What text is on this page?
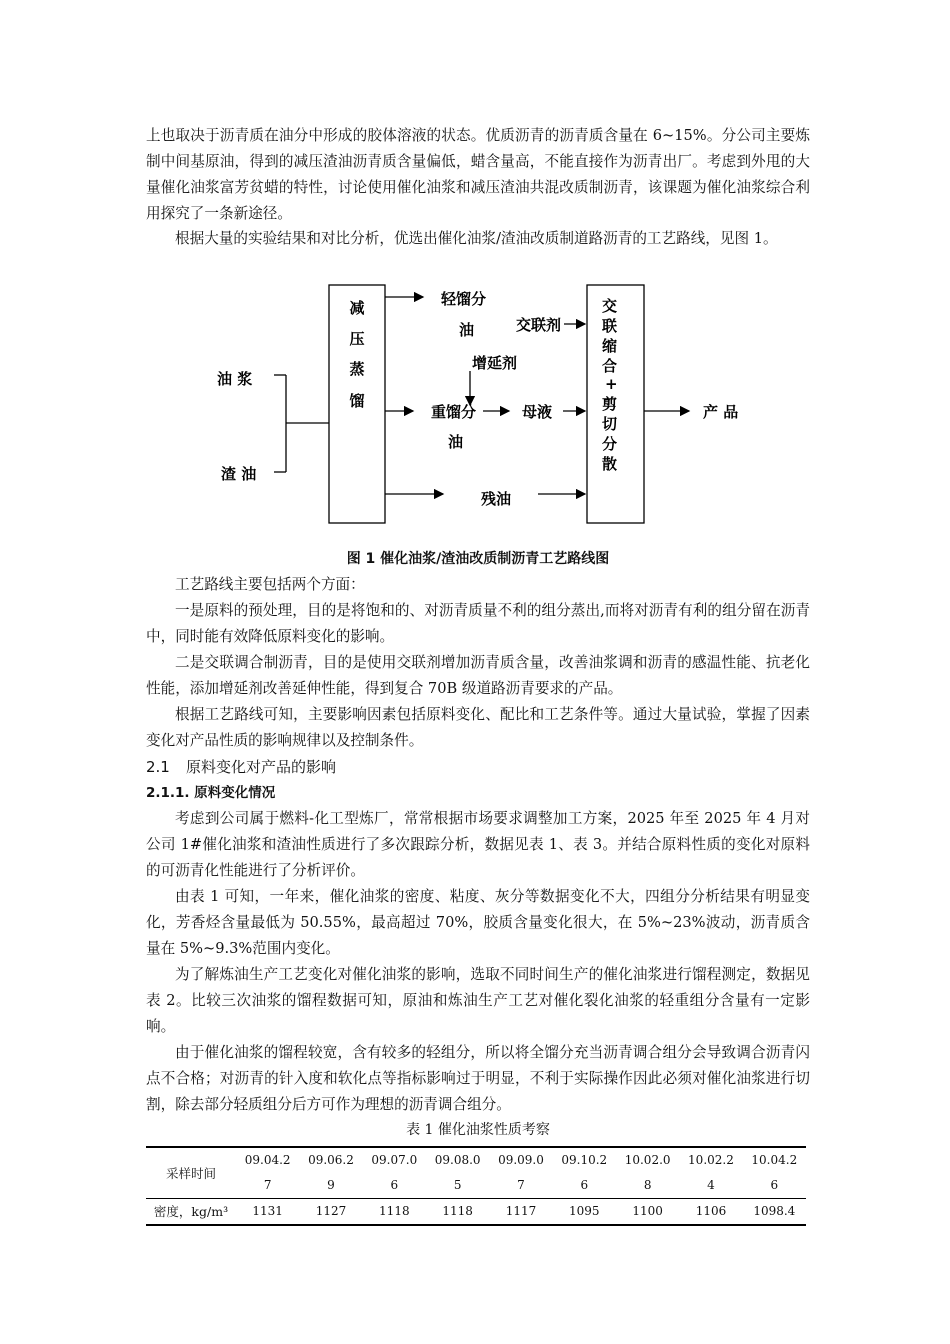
上也取决于沥青质在油分中形成的胶体溶液的状态。优质沥青的沥青质含量在 6~15%。分公司主要炼制中间基原油，得到的减压渣油沥青质含量偏低，蜡含量高，不能直接作为沥青出厂。考虑到外甩的大量催化油浆富芳贫蜡的特性，讨论使用催化油浆和减压渣油共混改质制沥青，该课题为催化油浆综合利用探究了一条新途径。

根据大量的实验结果和对比分析，优选出催化油浆/渣油改质制道路沥青的工艺路线，见图 1。

油 浆
渣 油
减
压
蒸
馏
轻馏分
油	交联剂
增延剂
重馏分
油
母液
残油
交
联
缩
合
+
剪
切
分
散
产 品
图 1 催化油浆/渣油改质制沥青工艺路线图

工艺路线主要包括两个方面：

一是原料的预处理，目的是将饱和的、对沥青质量不利的组分蒸出,而将对沥青有利的组分留在沥青中，同时能有效降低原料变化的影响。

二是交联调合制沥青，目的是使用交联剂增加沥青质含量，改善油浆调和沥青的感温性能、抗老化性能，添加增延剂改善延伸性能，得到复合 70B 级道路沥青要求的产品。

根据工艺路线可知，主要影响因素包括原料变化、配比和工艺条件等。通过大量试验，掌握了因素变化对产品性质的影响规律以及控制条件。

2.1 原料变化对产品的影响
2.1.1. 原料变化情况

考虑到公司属于燃料-化工型炼厂，常常根据市场要求调整加工方案，2025 年至 2025 年 4 月对公司 1#催化油浆和渣油性质进行了多次跟踪分析，数据见表 1、表 3。并结合原料性质的变化对原料的可沥青化性能进行了分析评价。

由表 1 可知，一年来，催化油浆的密度、粘度、灰分等数据变化不大，四组分分析结果有明显变化，芳香烃含量最低为 50.55%，最高超过 70%，胶质含量变化很大，在 5%~23%波动，沥青质含量在 5%~9.3%范围内变化。

为了解炼油生产工艺变化对催化油浆的影响，选取不同时间生产的催化油浆进行馏程测定，数据见表 2。比较三次油浆的馏程数据可知，原油和炼油生产工艺对催化裂化油浆的轻重组分含量有一定影响。

由于催化油浆的馏程较宽，含有较多的轻组分，所以将全馏分充当沥青调合组分会导致调合沥青闪点不合格；对沥青的针入度和软化点等指标影响过于明显，不利于实际操作因此必须对催化油浆进行切割，除去部分轻质组分后方可作为理想的沥青调合组分。

表 1 催化油浆性质考察
采样时间	09.04.2	09.06.2	09.07.0	09.08.0	09.09.0	09.10.2	10.02.0	10.02.2	10.04.2
	7	9	6	5	7	6	8	4	6
密度，kg/m³	1131	1127	1118	1118	1117	1095	1100	1106	1098.4
